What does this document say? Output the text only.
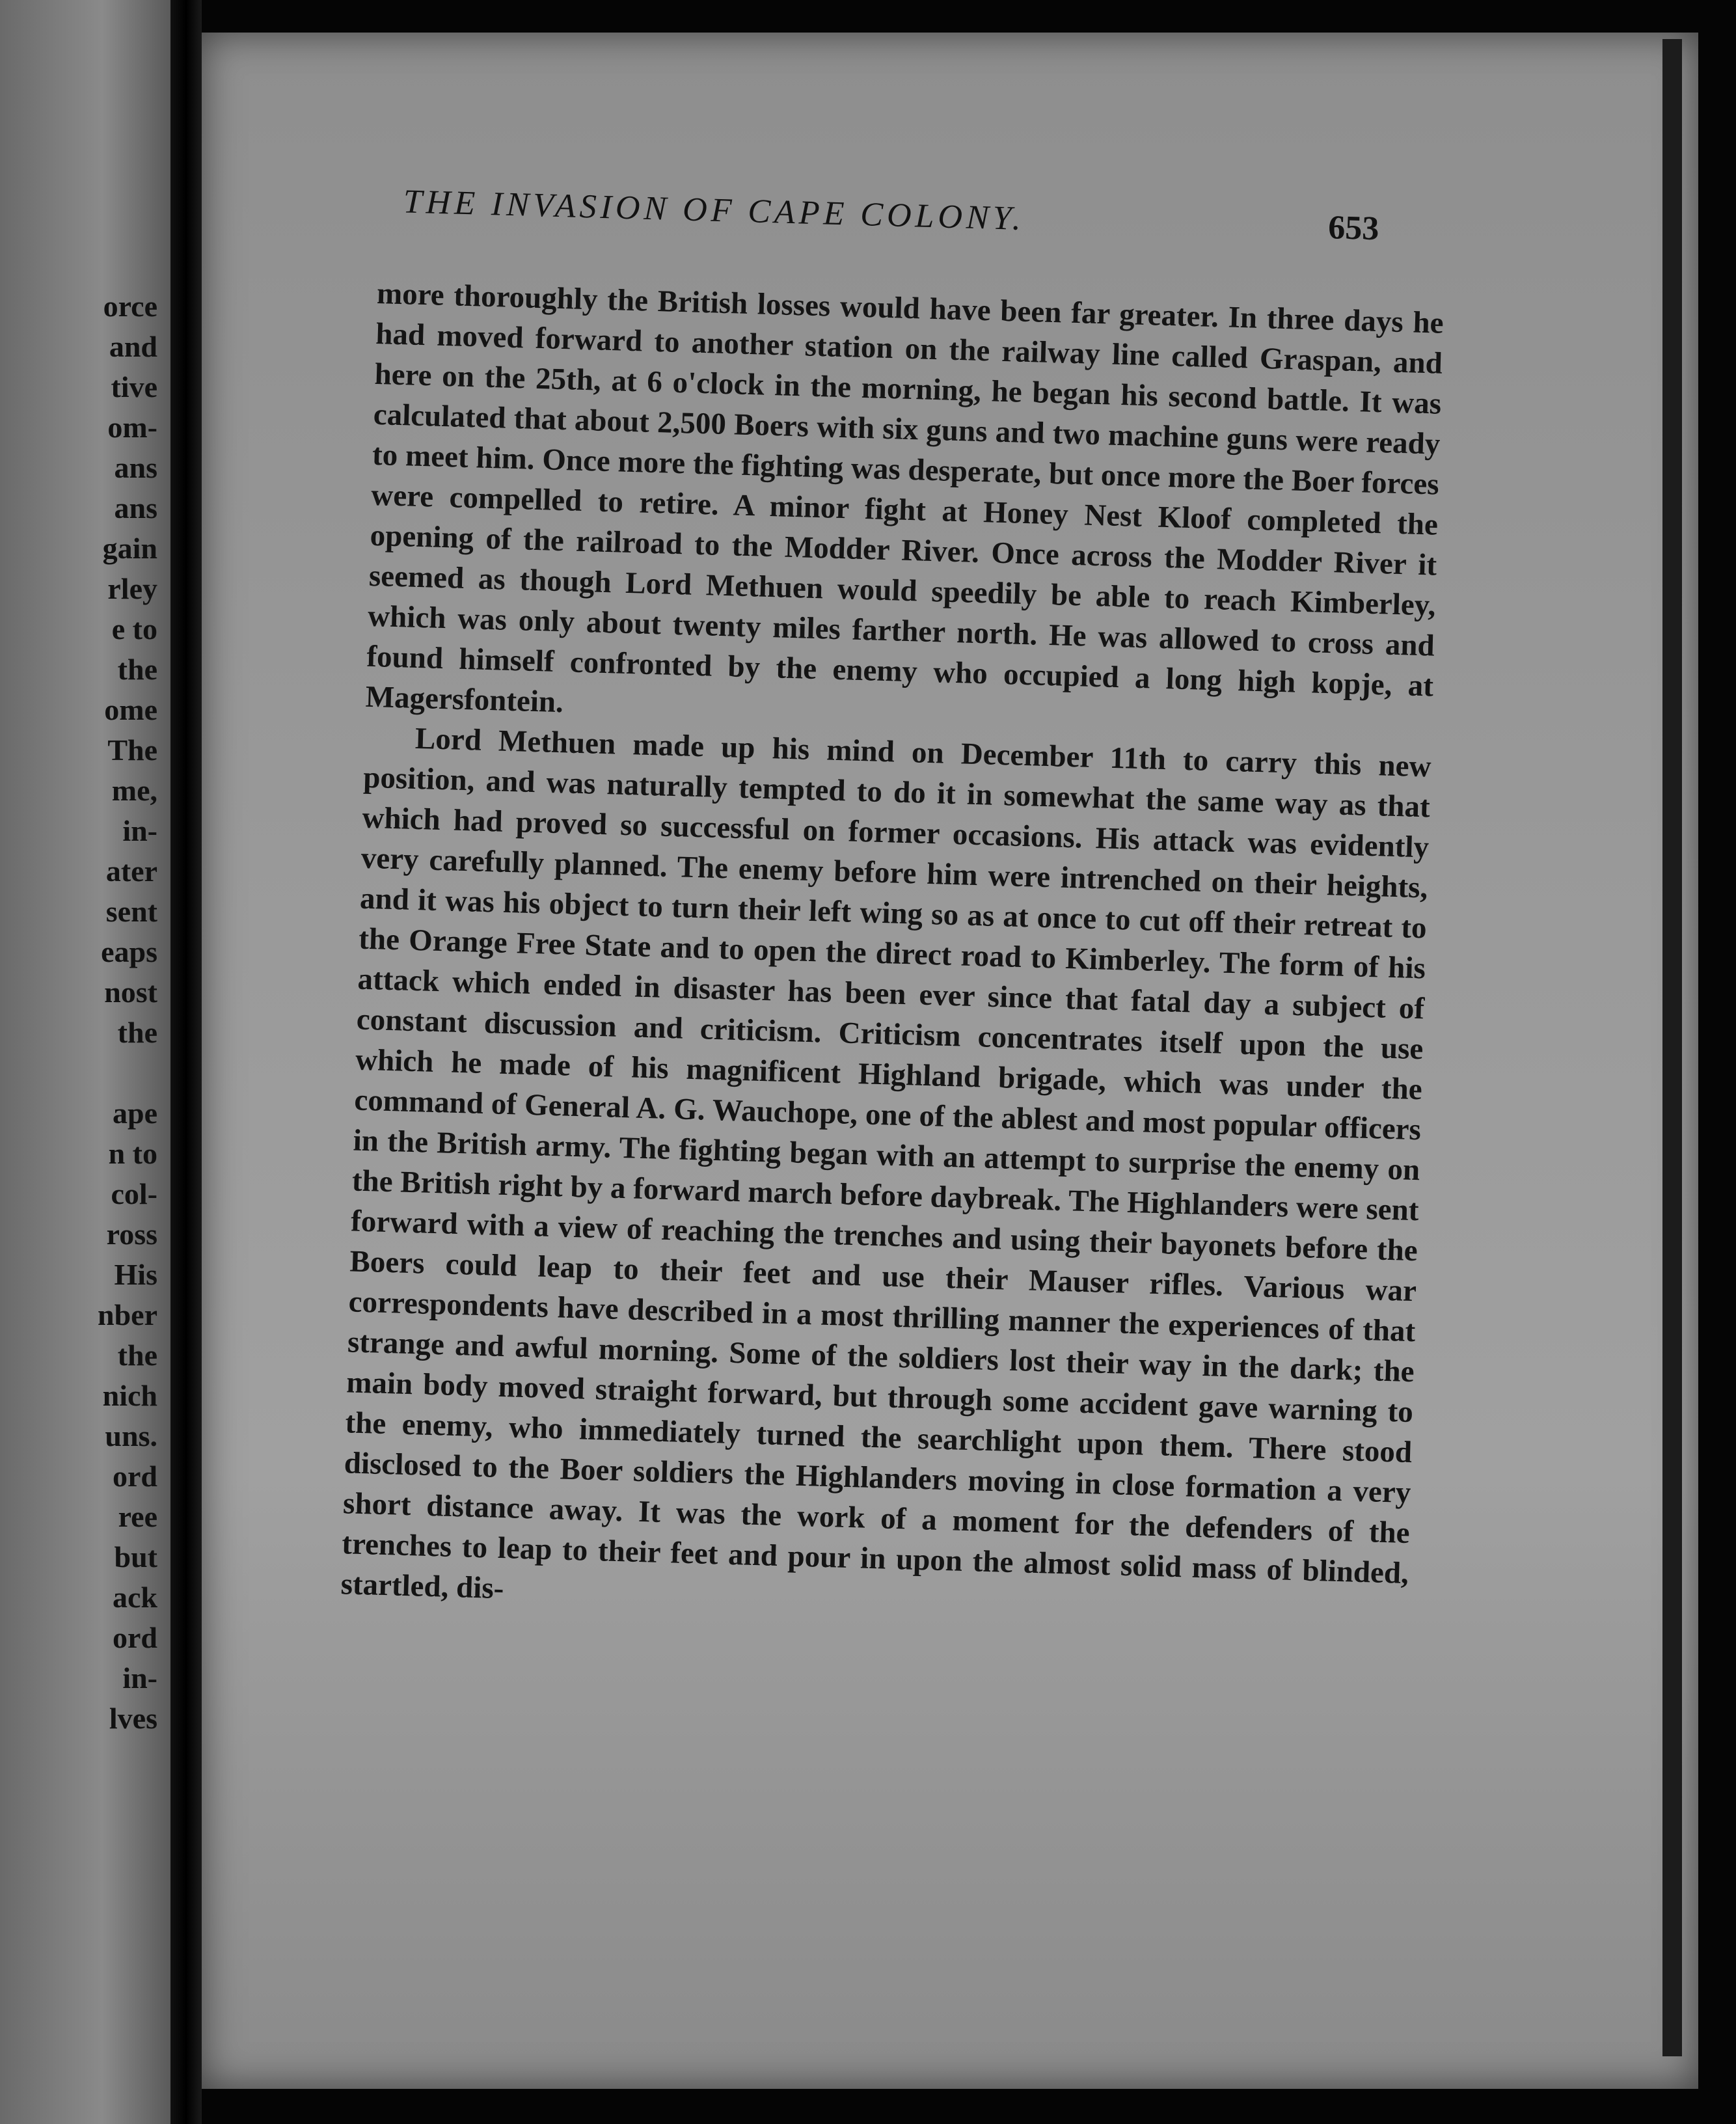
orce
and
tive
om-
ans
ans
gain
rley
e to
the
ome
The
me,
in-
ater
sent
eaps
nost
the
ape
n to
col-
ross
His
nber
the
nich
uns.
ord
ree
but
ack
ord
in-
lves
THE INVASION OF CAPE COLONY.	653

more thoroughly the British losses would have been far greater. In three days he had moved forward to another station on the railway line called Graspan, and here on the 25th, at 6 o'clock in the morning, he began his second battle. It was calculated that about 2,500 Boers with six guns and two machine guns were ready to meet him. Once more the fighting was desperate, but once more the Boer forces were compelled to retire. A minor fight at Honey Nest Kloof completed the opening of the railroad to the Modder River. Once across the Modder River it seemed as though Lord Methuen would speedily be able to reach Kimberley, which was only about twenty miles farther north. He was allowed to cross and found himself confronted by the enemy who occupied a long high kopje, at Magersfontein.

Lord Methuen made up his mind on December 11th to carry this new position, and was naturally tempted to do it in somewhat the same way as that which had proved so successful on former occasions. His attack was evidently very carefully planned. The enemy before him were intrenched on their heights, and it was his object to turn their left wing so as at once to cut off their retreat to the Orange Free State and to open the direct road to Kimberley. The form of his attack which ended in disaster has been ever since that fatal day a subject of constant discussion and criticism. Criticism concentrates itself upon the use which he made of his magnificent Highland brigade, which was under the command of General A. G. Wauchope, one of the ablest and most popular officers in the British army. The fighting began with an attempt to surprise the enemy on the British right by a forward march before daybreak. The Highlanders were sent forward with a view of reaching the trenches and using their bayonets before the Boers could leap to their feet and use their Mauser rifles. Various war correspondents have described in a most thrilling manner the experiences of that strange and awful morning. Some of the soldiers lost their way in the dark; the main body moved straight forward, but through some accident gave warning to the enemy, who immediately turned the searchlight upon them. There stood disclosed to the Boer soldiers the Highlanders moving in close formation a very short distance away. It was the work of a moment for the defenders of the trenches to leap to their feet and pour in upon the almost solid mass of blinded, startled, dis-
